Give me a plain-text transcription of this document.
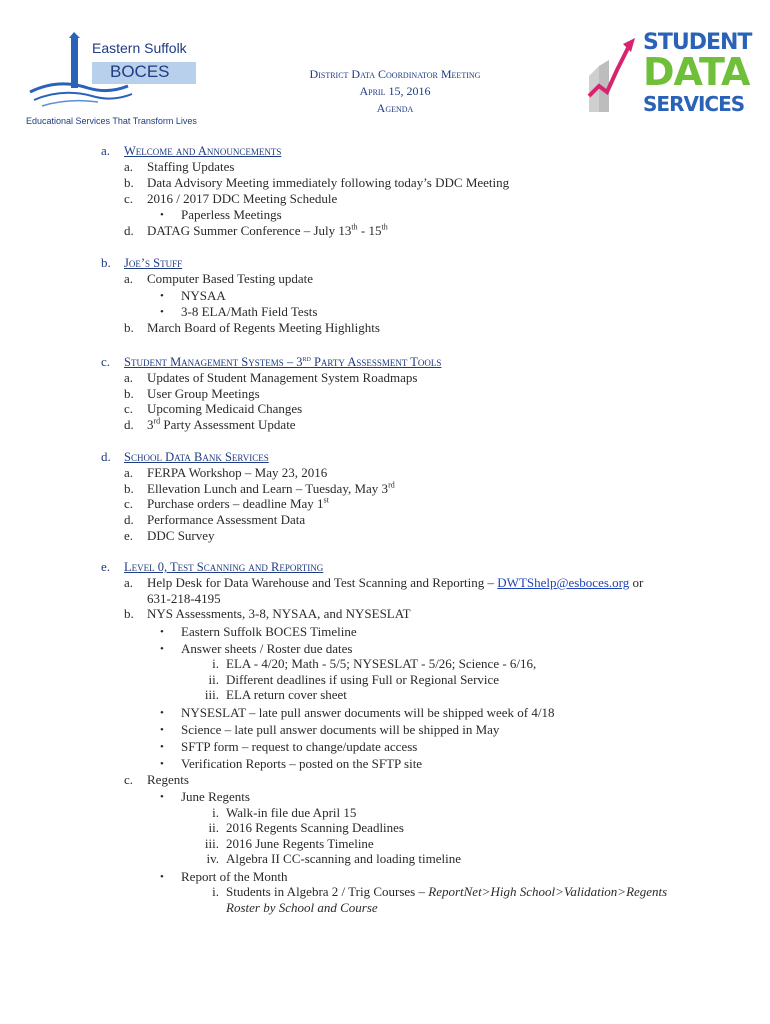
Eastern Suffolk
BOCES
Educational Services That Transform Lives
STUDENT
DATA
SERVICES
District Data Coordinator Meeting
April 15, 2016
Agenda
a. Welcome and Announcements
a. Staffing Updates
b. Data Advisory Meeting immediately following today’s DDC Meeting
c. 2016 / 2017 DDC Meeting Schedule
• Paperless Meetings
d. DATAG Summer Conference – July 13th - 15th
b. Joe’s Stuff
a. Computer Based Testing update
• NYSAA
• 3-8 ELA/Math Field Tests
b. March Board of Regents Meeting Highlights
c. Student Management Systems – 3rd Party Assessment Tools
a. Updates of Student Management System Roadmaps
b. User Group Meetings
c. Upcoming Medicaid Changes
d. 3rd Party Assessment Update
d. School Data Bank Services
a. FERPA Workshop – May 23, 2016
b. Ellevation Lunch and Learn – Tuesday, May 3rd
c. Purchase orders – deadline May 1st
d. Performance Assessment Data
e. DDC Survey
e. Level 0, Test Scanning and Reporting
a. Help Desk for Data Warehouse and Test Scanning and Reporting – DWTShelp@esboces.org or
631-218-4195
b. NYS Assessments, 3-8, NYSAA, and NYSESLAT
• Eastern Suffolk BOCES Timeline
• Answer sheets / Roster due dates
i. ELA - 4/20; Math - 5/5; NYSESLAT - 5/26; Science - 6/16,
ii. Different deadlines if using Full or Regional Service
iii. ELA return cover sheet
• NYSESLAT – late pull answer documents will be shipped week of 4/18
• Science – late pull answer documents will be shipped in May
• SFTP form – request to change/update access
• Verification Reports – posted on the SFTP site
c. Regents
• June Regents
i. Walk-in file due April 15
ii. 2016 Regents Scanning Deadlines
iii. 2016 June Regents Timeline
iv. Algebra II CC-scanning and loading timeline
• Report of the Month
i. Students in Algebra 2 / Trig Courses – ReportNet>High School>Validation>Regents
Roster by School and Course
